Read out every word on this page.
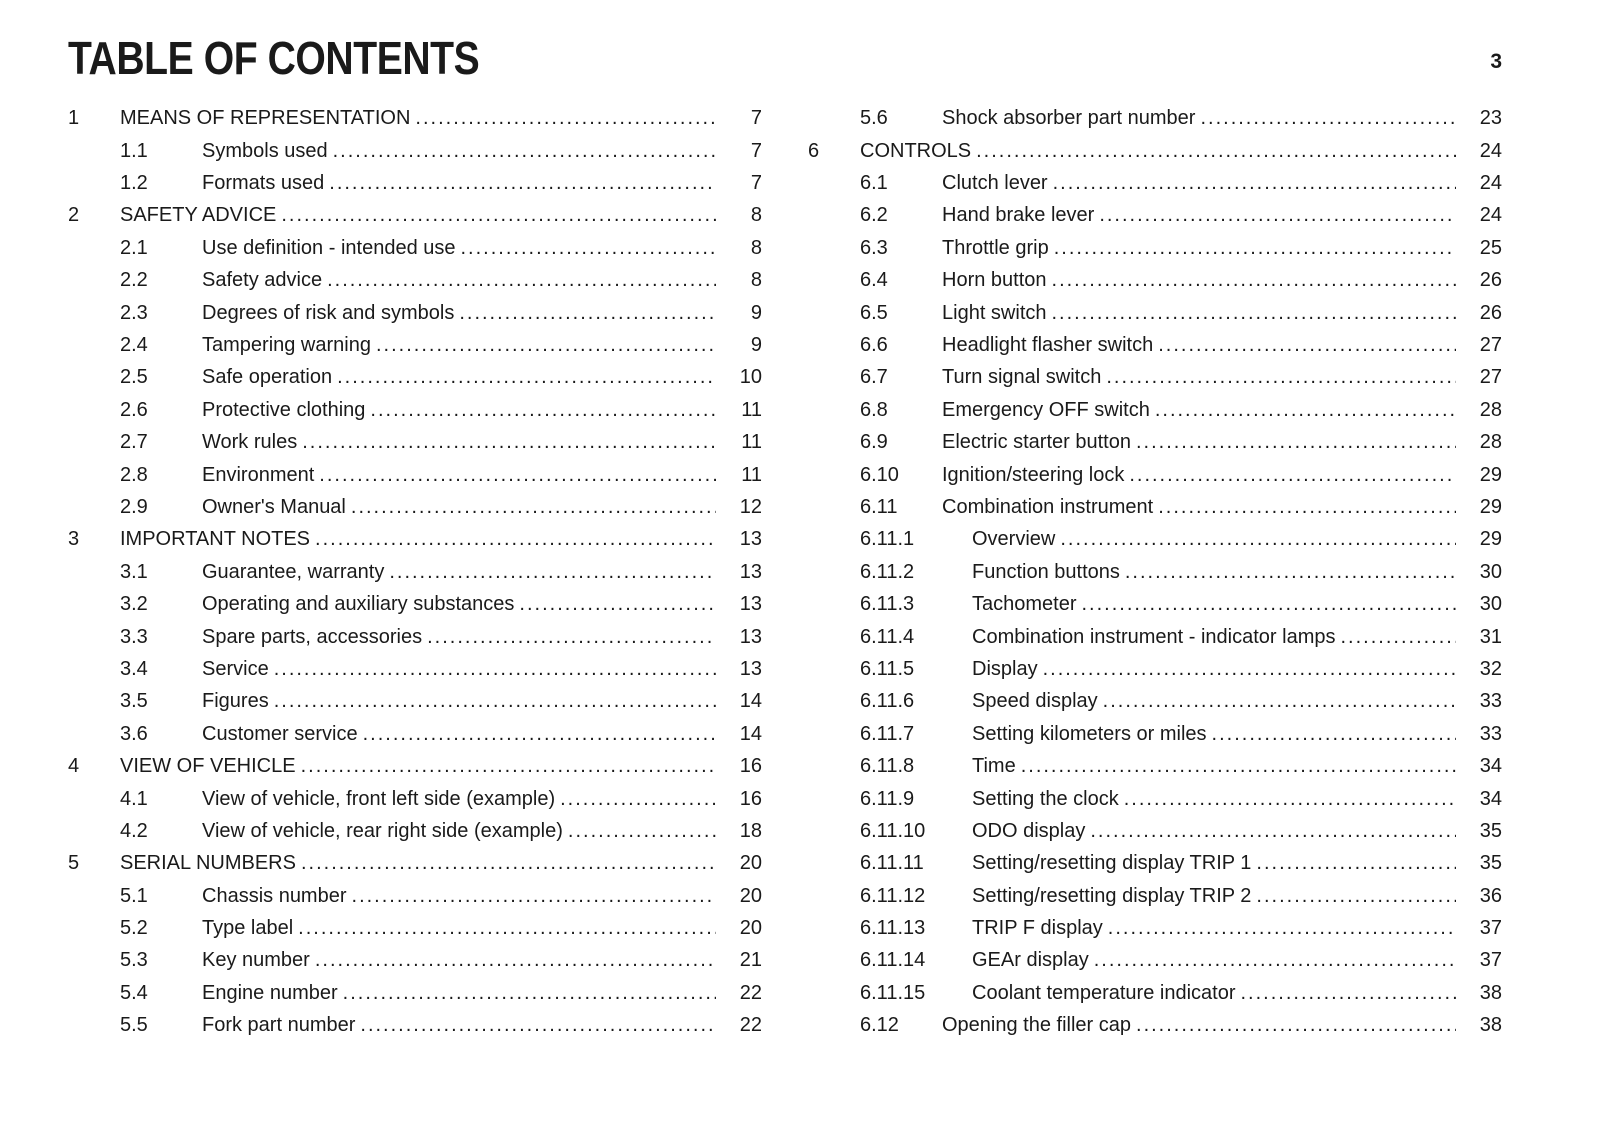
TABLE OF CONTENTS	3
1	MEANS OF REPRESENTATION .....	7
1.1	Symbols used .....	7
1.2	Formats used .....	7
2	SAFETY ADVICE .....	8
2.1	Use definition - intended use .....	8
2.2	Safety advice .....	8
2.3	Degrees of risk and symbols .....	9
2.4	Tampering warning .....	9
2.5	Safe operation .....	10
2.6	Protective clothing .....	11
2.7	Work rules .....	11
2.8	Environment .....	11
2.9	Owner's Manual .....	12
3	IMPORTANT NOTES .....	13
3.1	Guarantee, warranty .....	13
3.2	Operating and auxiliary substances .....	13
3.3	Spare parts, accessories .....	13
3.4	Service .....	13
3.5	Figures .....	14
3.6	Customer service .....	14
4	VIEW OF VEHICLE .....	16
4.1	View of vehicle, front left side (example) .....	16
4.2	View of vehicle, rear right side (example) .....	18
5	SERIAL NUMBERS .....	20
5.1	Chassis number .....	20
5.2	Type label .....	20
5.3	Key number .....	21
5.4	Engine number .....	22
5.5	Fork part number .....	22
5.6	Shock absorber part number .....	23
6	CONTROLS .....	24
6.1	Clutch lever .....	24
6.2	Hand brake lever .....	24
6.3	Throttle grip .....	25
6.4	Horn button .....	26
6.5	Light switch .....	26
6.6	Headlight flasher switch .....	27
6.7	Turn signal switch .....	27
6.8	Emergency OFF switch .....	28
6.9	Electric starter button .....	28
6.10	Ignition/steering lock .....	29
6.11	Combination instrument .....	29
6.11.1	Overview .....	29
6.11.2	Function buttons .....	30
6.11.3	Tachometer .....	30
6.11.4	Combination instrument - indicator lamps .....	31
6.11.5	Display .....	32
6.11.6	Speed display .....	33
6.11.7	Setting kilometers or miles .....	33
6.11.8	Time .....	34
6.11.9	Setting the clock .....	34
6.11.10	ODO display .....	35
6.11.11	Setting/resetting display TRIP 1 .....	35
6.11.12	Setting/resetting display TRIP 2 .....	36
6.11.13	TRIP F display .....	37
6.11.14	GEAr display .....	37
6.11.15	Coolant temperature indicator .....	38
6.12	Opening the filler cap .....	38
